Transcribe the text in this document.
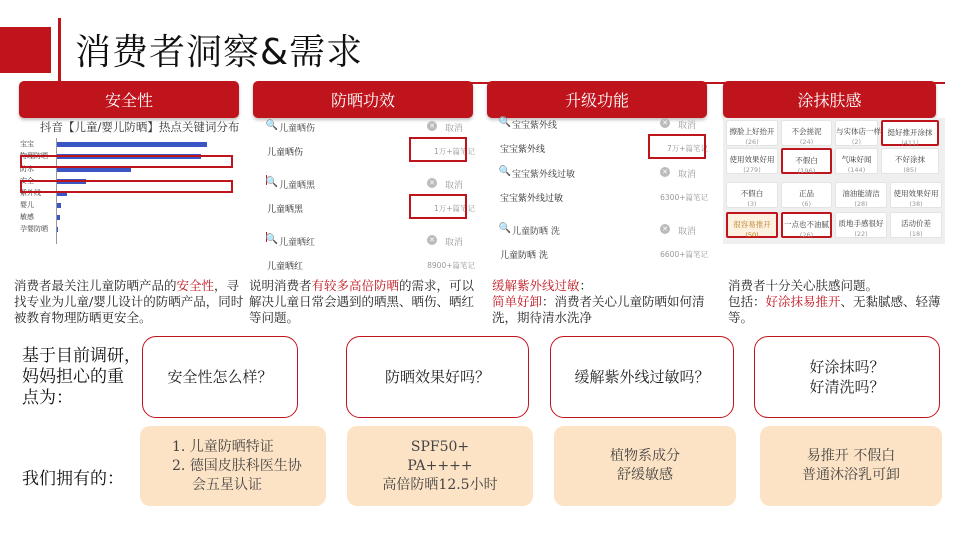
消费者洞察&需求
安全性	防晒功效	升级功能	涂抹肤感
抖音【儿童/婴儿防晒】热点关键词分布
宝宝
物理防晒
防水
安全
紫外线
婴儿
敏感
孕婴防晒
🔍 儿童晒伤	✕ 取消
儿童晒伤	1万+篇笔记
🔍 儿童晒黑	✕ 取消
儿童晒黑	1万+篇笔记
🔍 儿童晒红	✕ 取消
儿童晒红	8900+篇笔记
🔍 宝宝紫外线	✕ 取消
宝宝紫外线	7万+篇笔记
🔍 宝宝紫外线过敏	✕ 取消
宝宝紫外线过敏	6300+篇笔记
🔍 儿童防晒 洗	✕ 取消
儿童防晒 洗	6600+篇笔记
擦脸上好抬开
(26)
不会搓泥
(24)
与实体店一样
(2)
挺好推开涂抹
(411)
使用效果好用
(279)
不假白
(196)
气味好闻
(144)
不好涂抹
(85)
不假白
(3)
正品
(6)
油油能清洁
(28)
使用效果好用
(38)
很容易推开
(50)
一点也不油腻
(26)
质地手感很好
(22)
活动价差
(18)
消费者最关注儿童防晒产品的安全性，寻找专业为儿童/婴儿设计的防晒产品，同时被教育物理防晒更安全。
说明消费者有较多高倍防晒的需求，可以解决儿童日常会遇到的晒黑、晒伤、晒红等问题。
缓解紫外线过敏：
简单好卸：消费者关心儿童防晒如何清洗，期待清水洗净
消费者十分关心肤感问题。
包括：好涂抹易推开、无黏腻感、轻薄等。
基于目前调研，
妈妈担心的重
点为：
安全性怎么样？	防晒效果好吗？	缓解紫外线过敏吗？
好涂抹吗？
好清洗吗？
我们拥有的：
1. 儿童防晒特证
2. 德国皮肤科医生协
会五星认证
SPF50+
PA++++
高倍防晒12.5小时
植物系成分
舒缓敏感
易推开 不假白
普通沐浴乳可卸
